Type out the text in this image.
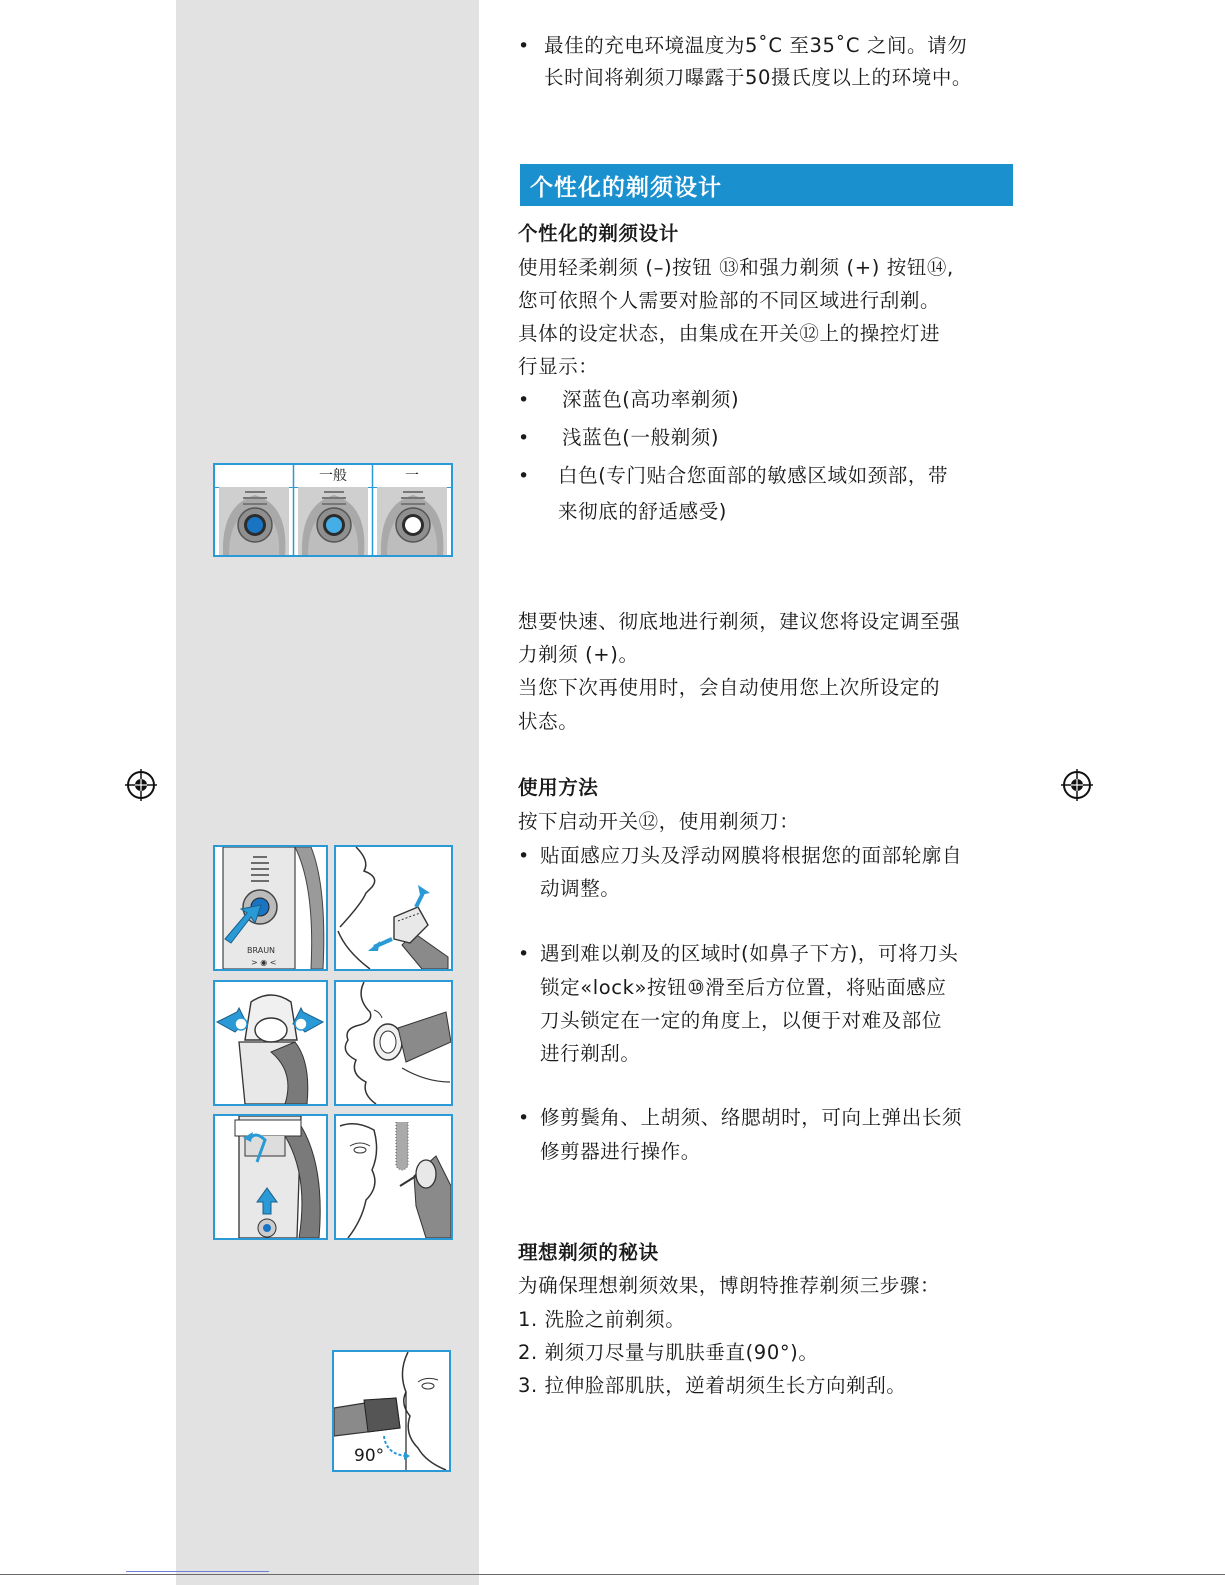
• 最佳的充电环境温度为5˚C 至35˚C 之间。请勿
长时间将剃须刀曝露于50摄氏度以上的环境中。
个性化的剃须设计
使用轻柔剃须 (–)按钮 ⑬和强力剃须 (+) 按钮⑭,
您可依照个人需要对脸部的不同区域进行刮剃。
具体的设定状态，由集成在开关⑫上的操控灯进
行显示：
• 深蓝色(高功率剃须)
• 浅蓝色(一般剃须)
• 白色(专门贴合您面部的敏感区域如颈部，带
来彻底的舒适感受)
想要快速、彻底地进行剃须，建议您将设定调至强
力剃须 (+)。
当您下次再使用时，会自动使用您上次所设定的
状态。
使用方法
按下启动开关⑫，使用剃须刀：
• 贴面感应刀头及浮动网膜将根据您的面部轮廓自
动调整。
• 遇到难以剃及的区域时(如鼻子下方)，可将刀头
锁定«lock»按钮⑩滑至后方位置，将贴面感应
刀头锁定在一定的角度上，以便于对难及部位
进行剃刮。
• 修剪鬓角、上胡须、络腮胡时，可向上弹出长须
修剪器进行操作。
理想剃须的秘诀
为确保理想剃须效果，博朗特推荐剃须三步骤：
1. 洗脸之前剃须。
2. 剃须刀尽量与肌肤垂直(90°)。
3. 拉伸脸部肌肤，逆着胡须生长方向剃刮。
个性化的剃须设计
一般	一
BRAUN
> ◉ <
90°
